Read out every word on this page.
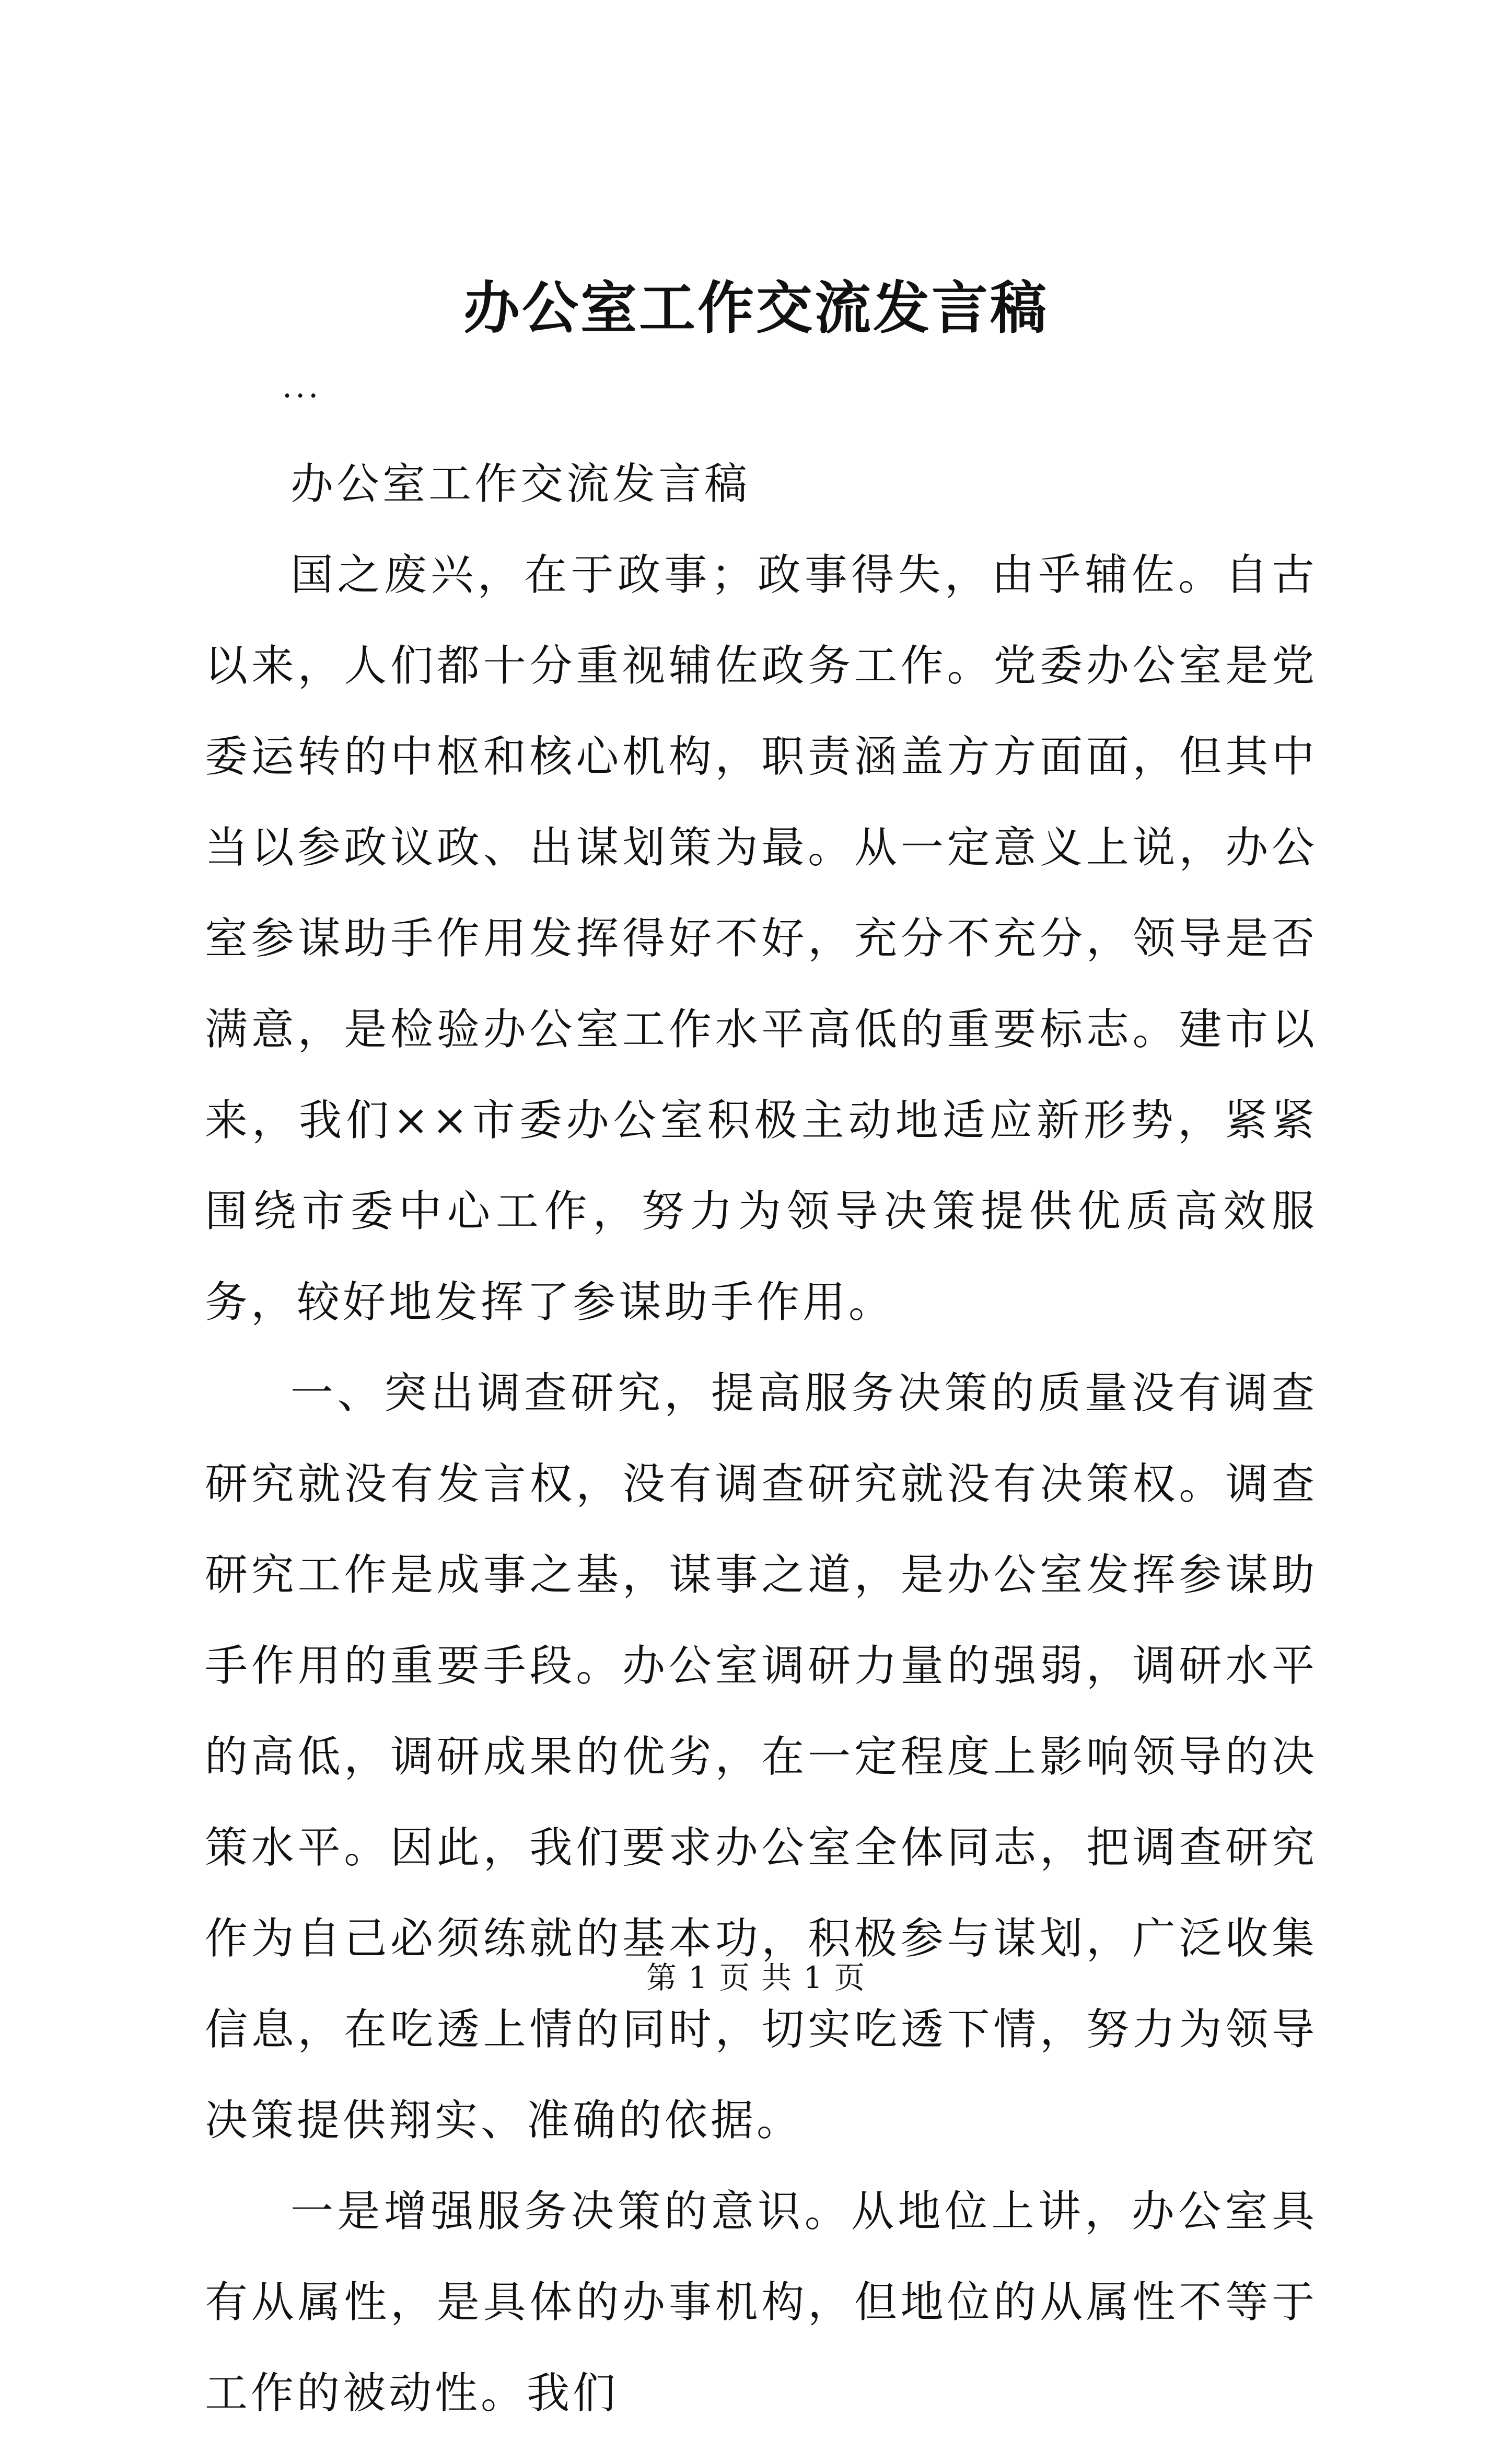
办公室工作交流发言稿
...

办公室工作交流发言稿

国之废兴，在于政事；政事得失，由乎辅佐。自古以来，人们都十分重视辅佐政务工作。党委办公室是党委运转的中枢和核心机构，职责涵盖方方面面，但其中当以参政议政、出谋划策为最。从一定意义上说，办公室参谋助手作用发挥得好不好，充分不充分，领导是否满意，是检验办公室工作水平高低的重要标志。建市以来，我们××市委办公室积极主动地适应新形势，紧紧围绕市委中心工作，努力为领导决策提供优质高效服务，较好地发挥了参谋助手作用。

一、突出调查研究，提高服务决策的质量没有调查研究就没有发言权，没有调查研究就没有决策权。调查研究工作是成事之基，谋事之道，是办公室发挥参谋助手作用的重要手段。办公室调研力量的强弱，调研水平的高低，调研成果的优劣，在一定程度上影响领导的决策水平。因此，我们要求办公室全体同志，把调查研究作为自己必须练就的基本功，积极参与谋划，广泛收集信息，在吃透上情的同时，切实吃透下情，努力为领导决策提供翔实、准确的依据。

一是增强服务决策的意识。从地位上讲，办公室具有从属性，是具体的办事机构，但地位的从属性不等于工作的被动性。我们

第 1 页 共 1 页
